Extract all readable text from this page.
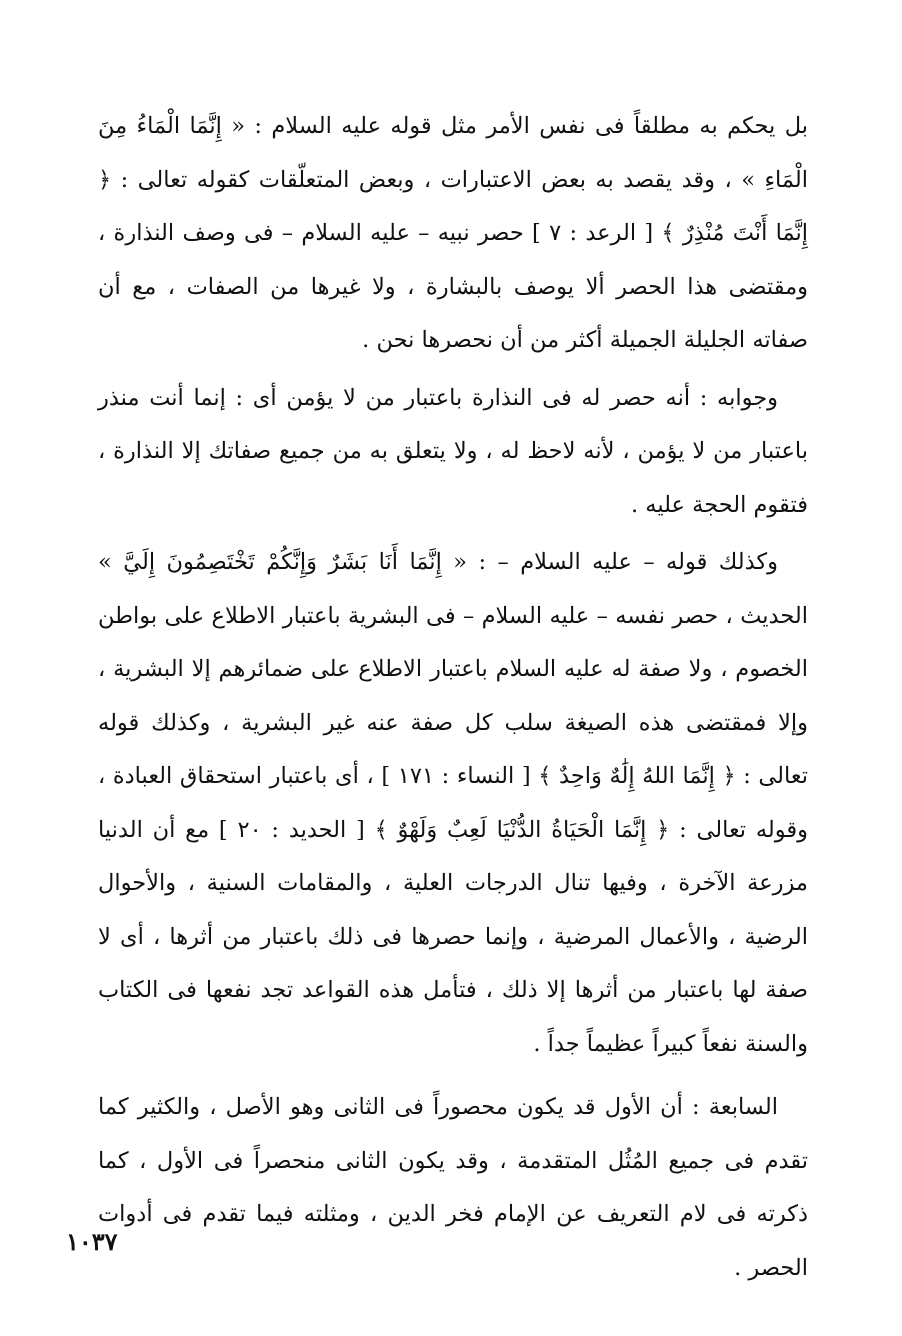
بل يحكم به مطلقاً فى نفس الأمر مثل قوله عليه السلام : « إِنَّمَا الْمَاءُ مِنَ الْمَاءِ » ، وقد يقصد به بعض الاعتبارات ، وبعض المتعلّقات كقوله تعالى : ﴿ إِنَّمَا أَنْتَ مُنْذِرٌ ﴾ [ الرعد : ٧ ] حصر نبيه – عليه السلام – فى وصف النذارة ، ومقتضى هذا الحصر ألا يوصف بالبشارة ، ولا غيرها من الصفات ، مع أن صفاته الجليلة الجميلة أكثر من أن نحصرها نحن .

وجوابه : أنه حصر له فى النذارة باعتبار من لا يؤمن أى : إنما أنت منذر باعتبار من لا يؤمن ، لأنه لاحظ له ، ولا يتعلق به من جميع صفاتك إلا النذارة ، فتقوم الحجة عليه .

وكذلك قوله – عليه السلام – : « إِنَّمَا أَنَا بَشَرٌ وَإِنَّكُمْ تَخْتَصِمُونَ إِلَيَّ » الحديث ، حصر نفسه – عليه السلام – فى البشرية باعتبار الاطلاع على بواطن الخصوم ، ولا صفة له عليه السلام باعتبار الاطلاع على ضمائرهم إلا البشرية ، وإلا فمقتضى هذه الصيغة سلب كل صفة عنه غير البشرية ، وكذلك قوله تعالى : ﴿ إِنَّمَا اللهُ إِلَٰهٌ وَاحِدٌ ﴾ [ النساء : ١٧١ ] ، أى باعتبار استحقاق العبادة ، وقوله تعالى : ﴿ إِنَّمَا الْحَيَاةُ الدُّنْيَا لَعِبٌ وَلَهْوٌ ﴾ [ الحديد : ٢٠ ] مع أن الدنيا مزرعة الآخرة ، وفيها تنال الدرجات العلية ، والمقامات السنية ، والأحوال الرضية ، والأعمال المرضية ، وإنما حصرها فى ذلك باعتبار من أثرها ، أى لا صفة لها باعتبار من أثرها إلا ذلك ، فتأمل هذه القواعد تجد نفعها فى الكتاب والسنة نفعاً كبيراً عظيماً جداً .

السابعة : أن الأول قد يكون محصوراً فى الثانى وهو الأصل ، والكثير كما تقدم فى جميع المُثُل المتقدمة ، وقد يكون الثانى منحصراً فى الأول ، كما ذكرته فى لام التعريف عن الإمام فخر الدين ، ومثلته فيما تقدم فى أدوات الحصر .

١٠٣٧
